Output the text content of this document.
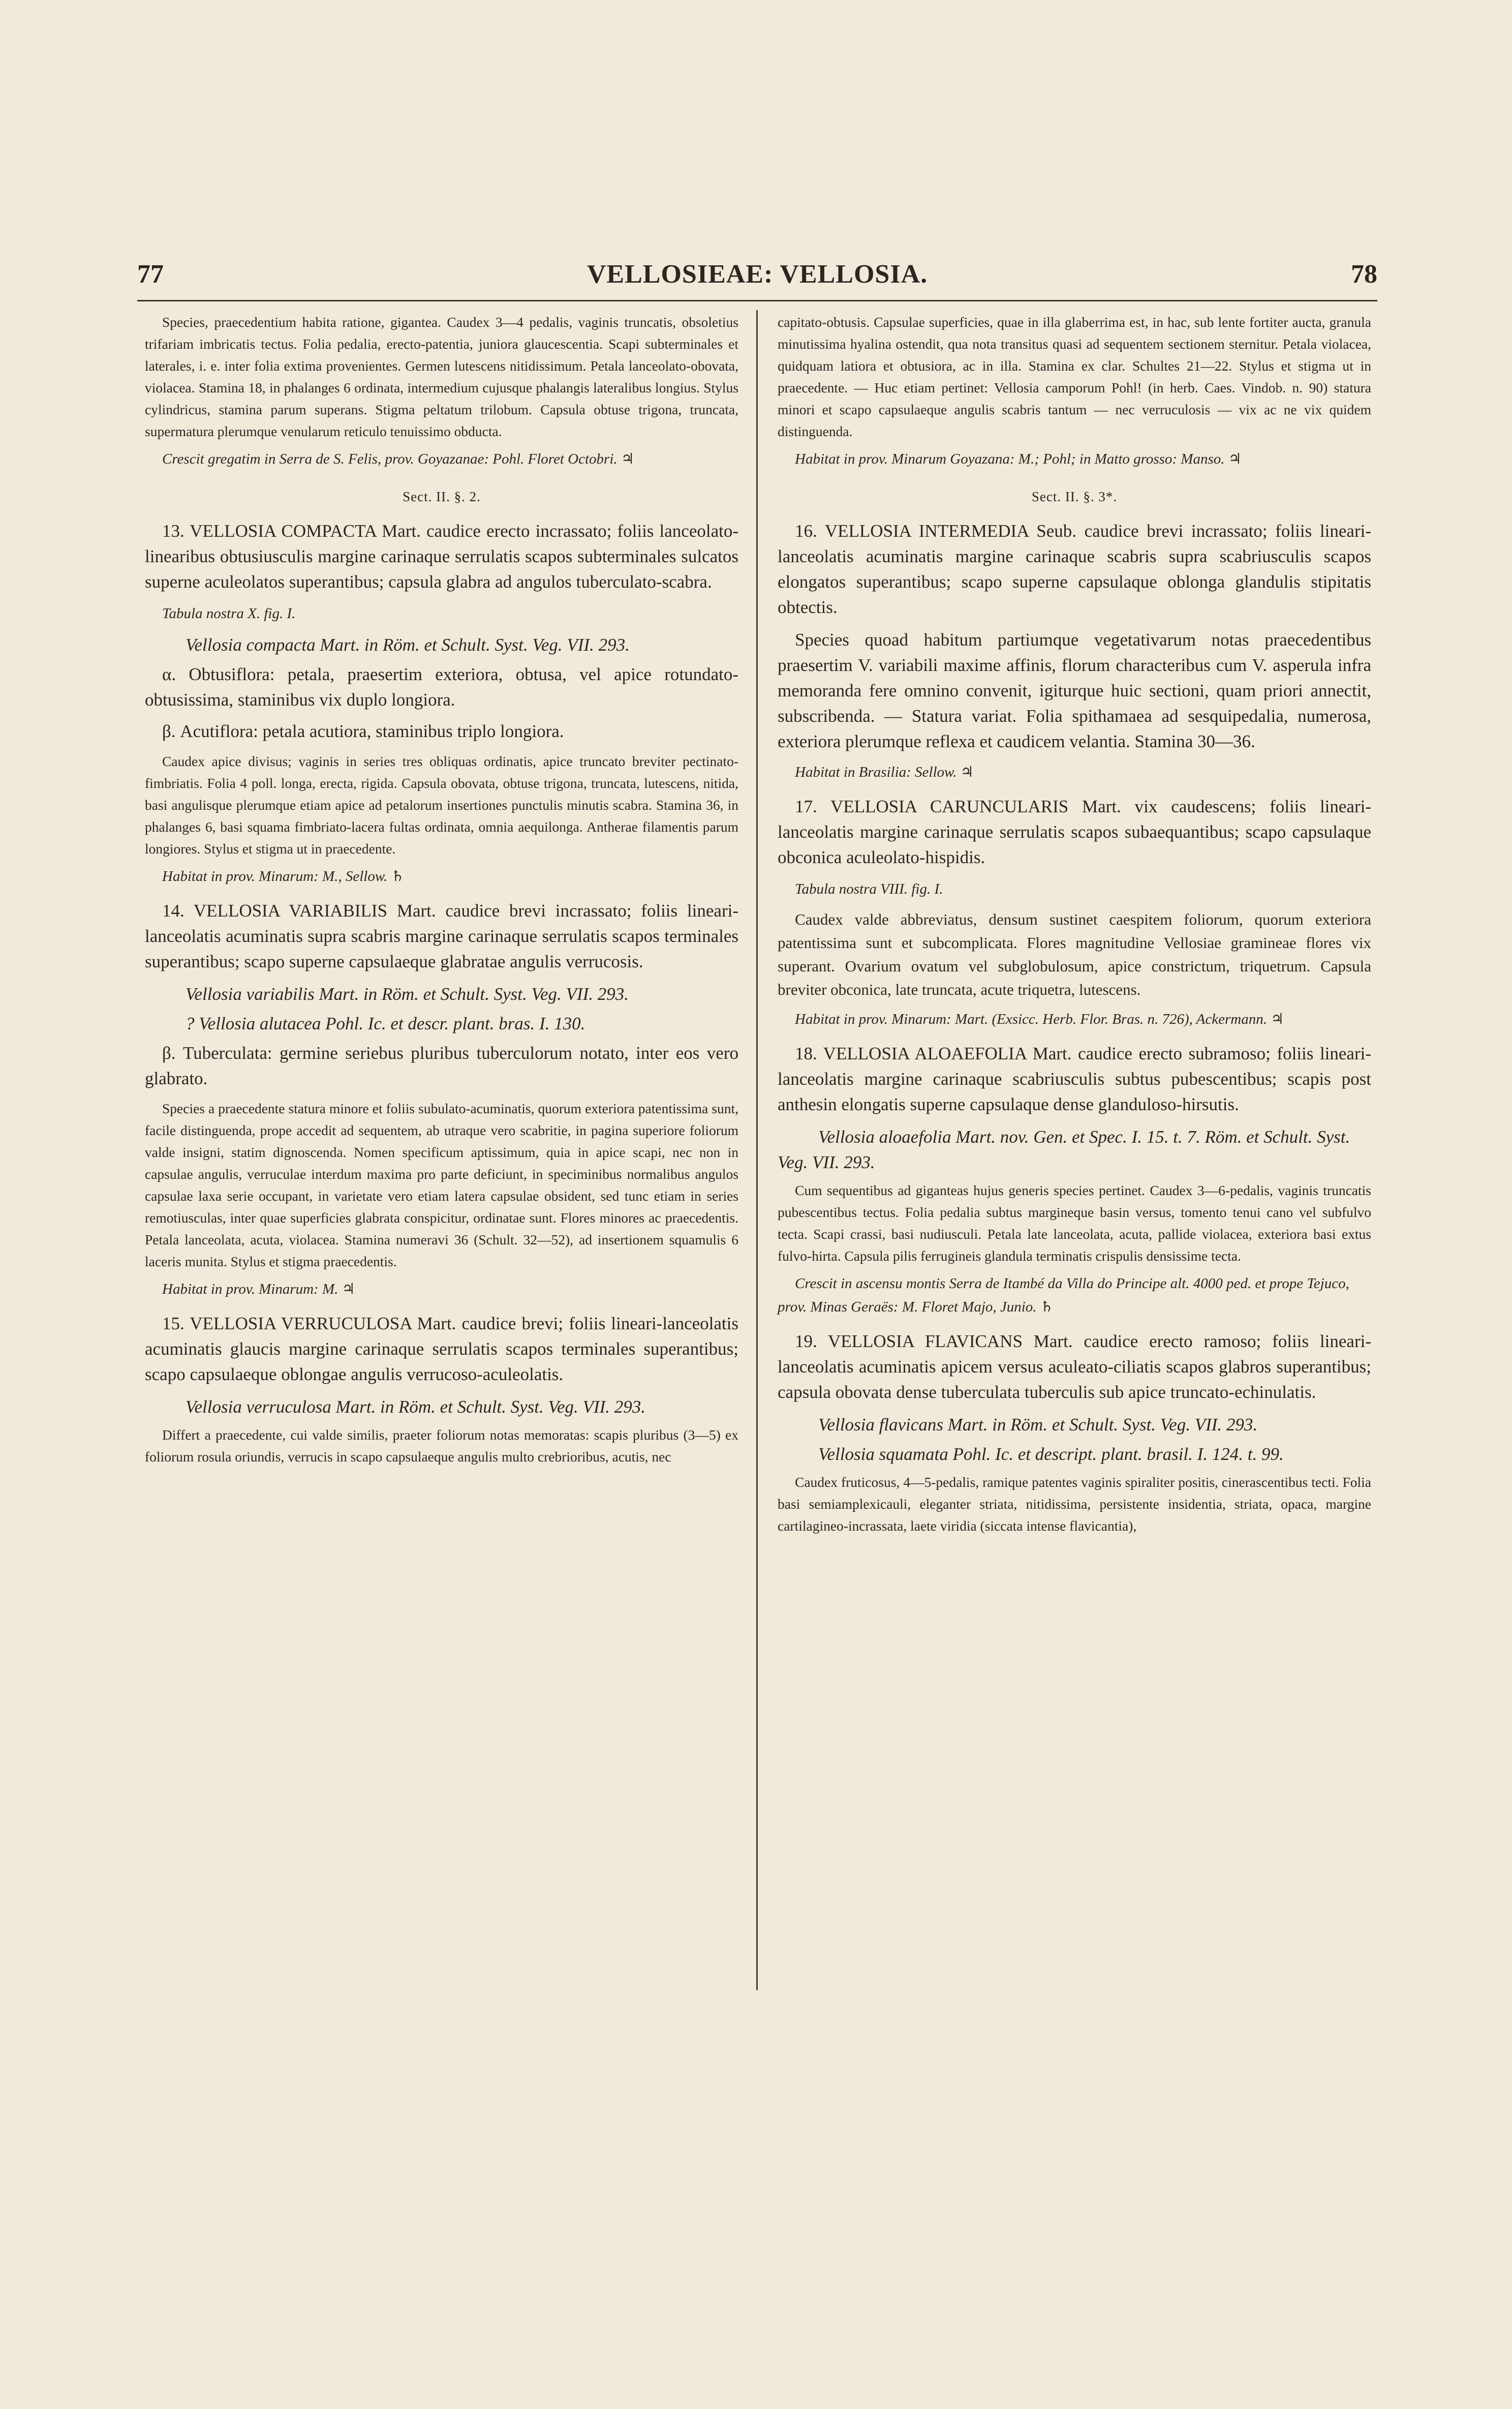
77	VELLOSIEAE: VELLOSIA.	78

Species, praecedentium habita ratione, gigantea. Caudex 3—4 pedalis, vaginis truncatis, obsoletius trifariam imbricatis tectus. Folia pedalia, erecto-patentia, juniora glaucescentia. Scapi subterminales et laterales, i. e. inter folia extima provenientes. Germen lutescens nitidissimum. Petala lanceolato-obovata, violacea. Stamina 18, in phalanges 6 ordinata, intermedium cujusque phalangis lateralibus longius. Stylus cylindricus, stamina parum superans. Stigma peltatum trilobum. Capsula obtuse trigona, truncata, supermatura plerumque venularum reticulo tenuissimo obducta.

Crescit gregatim in Serra de S. Felis, prov. Goyazanae: Pohl. Floret Octobri. ♃

Sect. II. §. 2.

13. VELLOSIA COMPACTA Mart. caudice erecto incrassato; foliis lanceolato-linearibus obtusiusculis margine carinaque serrulatis scapos subterminales sulcatos superne aculeolatos superantibus; capsula glabra ad angulos tuberculato-scabra.

Tabula nostra X. fig. I.

Vellosia compacta Mart. in Röm. et Schult. Syst. Veg. VII. 293.

α. Obtusiflora: petala, praesertim exteriora, obtusa, vel apice rotundato-obtusissima, staminibus vix duplo longiora.

β. Acutiflora: petala acutiora, staminibus triplo longiora.

Caudex apice divisus; vaginis in series tres obliquas ordinatis, apice truncato breviter pectinato-fimbriatis. Folia 4 poll. longa, erecta, rigida. Capsula obovata, obtuse trigona, truncata, lutescens, nitida, basi angulisque plerumque etiam apice ad petalorum insertiones punctulis minutis scabra. Stamina 36, in phalanges 6, basi squama fimbriato-lacera fultas ordinata, omnia aequilonga. Antherae filamentis parum longiores. Stylus et stigma ut in praecedente.

Habitat in prov. Minarum: M., Sellow. ♄

14. VELLOSIA VARIABILIS Mart. caudice brevi incrassato; foliis lineari-lanceolatis acuminatis supra scabris margine carinaque serrulatis scapos terminales superantibus; scapo superne capsulaeque glabratae angulis verrucosis.

Vellosia variabilis Mart. in Röm. et Schult. Syst. Veg. VII. 293.

? Vellosia alutacea Pohl. Ic. et descr. plant. bras. I. 130.

β. Tuberculata: germine seriebus pluribus tuberculorum notato, inter eos vero glabrato.

Species a praecedente statura minore et foliis subulato-acuminatis, quorum exteriora patentissima sunt, facile distinguenda, prope accedit ad sequentem, ab utraque vero scabritie, in pagina superiore foliorum valde insigni, statim dignoscenda. Nomen specificum aptissimum, quia in apice scapi, nec non in capsulae angulis, verruculae interdum maxima pro parte deficiunt, in speciminibus normalibus angulos capsulae laxa serie occupant, in varietate vero etiam latera capsulae obsident, sed tunc etiam in series remotiusculas, inter quae superficies glabrata conspicitur, ordinatae sunt. Flores minores ac praecedentis. Petala lanceolata, acuta, violacea. Stamina numeravi 36 (Schult. 32—52), ad insertionem squamulis 6 laceris munita. Stylus et stigma praecedentis.

Habitat in prov. Minarum: M. ♃

15. VELLOSIA VERRUCULOSA Mart. caudice brevi; foliis lineari-lanceolatis acuminatis glaucis margine carinaque serrulatis scapos terminales superantibus; scapo capsulaeque oblongae angulis verrucoso-aculeolatis.

Vellosia verruculosa Mart. in Röm. et Schult. Syst. Veg. VII. 293.

Differt a praecedente, cui valde similis, praeter foliorum notas memoratas: scapis pluribus (3—5) ex foliorum rosula oriundis, verrucis in scapo capsulaeque angulis multo crebrioribus, acutis, nec

capitato-obtusis. Capsulae superficies, quae in illa glaberrima est, in hac, sub lente fortiter aucta, granula minutissima hyalina ostendit, qua nota transitus quasi ad sequentem sectionem sternitur. Petala violacea, quidquam latiora et obtusiora, ac in illa. Stamina ex clar. Schultes 21—22. Stylus et stigma ut in praecedente. — Huc etiam pertinet: Vellosia camporum Pohl! (in herb. Caes. Vindob. n. 90) statura minori et scapo capsulaeque angulis scabris tantum — nec verruculosis — vix ac ne vix quidem distinguenda.

Habitat in prov. Minarum Goyazana: M.; Pohl; in Matto grosso: Manso. ♃

Sect. II. §. 3*.

16. VELLOSIA INTERMEDIA Seub. caudice brevi incrassato; foliis lineari-lanceolatis acuminatis margine carinaque scabris supra scabriusculis scapos elongatos superantibus; scapo superne capsulaque oblonga glandulis stipitatis obtectis.

Species quoad habitum partiumque vegetativarum notas praecedentibus praesertim V. variabili maxime affinis, florum characteribus cum V. asperula infra memoranda fere omnino convenit, igiturque huic sectioni, quam priori annectit, subscribenda. — Statura variat. Folia spithamaea ad sesquipedalia, numerosa, exteriora plerumque reflexa et caudicem velantia. Stamina 30—36.

Habitat in Brasilia: Sellow. ♃

17. VELLOSIA CARUNCULARIS Mart. vix caudescens; foliis lineari-lanceolatis margine carinaque serrulatis scapos subaequantibus; scapo capsulaque obconica aculeolato-hispidis.

Tabula nostra VIII. fig. I.

Caudex valde abbreviatus, densum sustinet caespitem foliorum, quorum exteriora patentissima sunt et subcomplicata. Flores magnitudine Vellosiae gramineae flores vix superant. Ovarium ovatum vel subglobulosum, apice constrictum, triquetrum. Capsula breviter obconica, late truncata, acute triquetra, lutescens.

Habitat in prov. Minarum: Mart. (Exsicc. Herb. Flor. Bras. n. 726), Ackermann. ♃

18. VELLOSIA ALOAEFOLIA Mart. caudice erecto subramoso; foliis lineari-lanceolatis margine carinaque scabriusculis subtus pubescentibus; scapis post anthesin elongatis superne capsulaque dense glanduloso-hirsutis.

Vellosia aloaefolia Mart. nov. Gen. et Spec. I. 15. t. 7. Röm. et Schult. Syst. Veg. VII. 293.

Cum sequentibus ad giganteas hujus generis species pertinet. Caudex 3—6-pedalis, vaginis truncatis pubescentibus tectus. Folia pedalia subtus margineque basin versus, tomento tenui cano vel subfulvo tecta. Scapi crassi, basi nudiusculi. Petala late lanceolata, acuta, pallide violacea, exteriora basi extus fulvo-hirta. Capsula pilis ferrugineis glandula terminatis crispulis densissime tecta.

Crescit in ascensu montis Serra de Itambé da Villa do Principe alt. 4000 ped. et prope Tejuco, prov. Minas Geraës: M. Floret Majo, Junio. ♄

19. VELLOSIA FLAVICANS Mart. caudice erecto ramoso; foliis lineari-lanceolatis acuminatis apicem versus aculeato-ciliatis scapos glabros superantibus; capsula obovata dense tuberculata tuberculis sub apice truncato-echinulatis.

Vellosia flavicans Mart. in Röm. et Schult. Syst. Veg. VII. 293.

Vellosia squamata Pohl. Ic. et descript. plant. brasil. I. 124. t. 99.

Caudex fruticosus, 4—5-pedalis, ramique patentes vaginis spiraliter positis, cinerascentibus tecti. Folia basi semiamplexicauli, eleganter striata, nitidissima, persistente insidentia, striata, opaca, margine cartilagineo-incrassata, laete viridia (siccata intense flavicantia),
